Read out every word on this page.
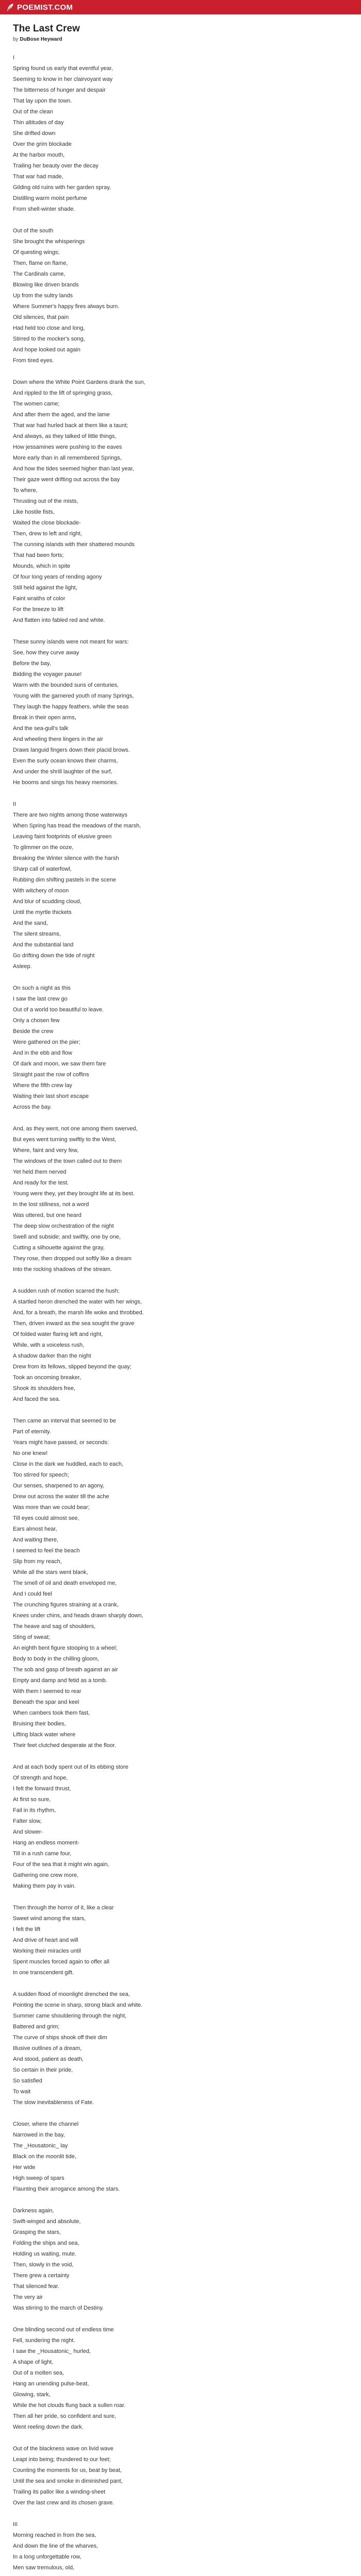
POEMIST.COM
The Last Crew
by DuBose Heyward
I
Spring found us early that eventful year,
Seeming to know in her clairvoyant way
The bitterness of hunger and despair
That lay upon the town.
Out of the clean
Thin altitudes of day
She drifted down
Over the grim blockade
At the harbor mouth,
Trailing her beauty over the decay
That war had made,
Gilding old ruins with her garden spray,
Distilling warm moist perfume
From shell-winter shade.
Out of the south
She brought the whisperings
Of questing wings;
Then, flame on flame,
The Cardinals came,
Blowing like driven brands
Up from the sultry lands
Where Summer's happy fires always burn.
Old silences, that pain
Had held too close and long,
Stirred to the mocker's song,
And hope looked out again
From tired eyes.
Down where the White Point Gardens drank the sun,
And rippled to the lift of springing grass,
The women came;
And after them the aged, and the lame
That war had hurled back at them like a taunt;
And always, as they talked of little things,
How jessamines were pushing to the eaves
More early than in all remembered Springs,
And how the tides seemed higher than last year,
Their gaze went drifting out across the bay
To where,
Thrusting out of the mists,
Like hostile fists,
Waited the close blockade-
Then, drew to left and right,
The cunning islands with their shattered mounds
That had been forts;
Mounds, which in spite
Of four long years of rending agony
Still held against the light,
Faint wraiths of color
For the breeze to lift
And flatten into fabled red and white.
These sunny islands were not meant for wars:
See, how they curve away
Before the bay,
Bidding the voyager pause!
Warm with the bounded suns of centuries,
Young with the garnered youth of many Springs,
They laugh the happy feathers, while the seas
Break in their open arms,
And the sea-gull's talk
And wheeling there lingers in the air
Draws languid fingers down their placid brows.
Even the surly ocean knows their charms,
And under the shrill laughter of the surf,
He booms and sings his heavy memories.
II
There are two nights among those waterways
When Spring has tread the meadows of the marsh,
Leaving faint footprints of elusive green
To glimmer on the ooze,
Breaking the Winter silence with the harsh
Sharp call of waterfowl,
Rubbing dim shifting pastels in the scene
With witchery of moon
And blur of scudding cloud,
Until the myrtle thickets
And the sand,
The silent streams,
And the substantial land
Go drifting down the tide of night
Asleep.
On such a night as this
I saw the last crew go
Out of a world too beautiful to leave.
Only a chosen few
Beside the crew
Were gathered on the pier;
And in the ebb and flow
Of dark and moon, we saw them fare
Straight past the row of coffins
Where the fifth crew lay
Waiting their last short escape
Across the bay.
And, as they went, not one among them swerved,
But eyes went turning swiftly to the West,
Where, faint and very few,
The windows of the town called out to them
Yet held them nerved
And ready for the test.
Young were they, yet they brought life at its best.
In the lost stillness, not a word
Was uttered, but one heard
The deep slow orchestration of the night
Swell and subside; and swiftly, one by one,
Cutting a silhouette against the gray,
They rose, then dropped out softly like a dream
Into the rocking shadows of the stream.
A sudden rush of motion scarred the hush;
A startled heron drenched the water with her wings,
And, for a breath, the marsh life woke and throbbed.
Then, driven inward as the sea sought the grave
Of folded water flaring left and right,
While, with a voiceless rush,
A shadow darker than the night
Drew from its fellows, slipped beyond the quay;
Took an oncoming breaker,
Shook its shoulders free,
And faced the sea.
Then came an interval that seemed to be
Part of eternity.
Years might have passed, or seconds:
No one knew!
Close in the dark we huddled, each to each,
Too stirred for speech;
Our senses, sharpened to an agony,
Drew out across the water till the ache
Was more than we could bear;
Till eyes could almost see,
Ears almost hear,
And waiting there,
I seemed to feel the beach
Slip from my reach,
While all the stars went blank,
The smell of oil and death enveloped me,
And I could feel
The crunching figures straining at a crank,
Knees under chins, and heads drawn sharply down,
The heave and sag of shoulders,
Sting of sweat;
An eighth bent figure stooping to a wheel;
Body to body in the chilling gloom,
The sob and gasp of breath against an air
Empty and damp and fetid as a tomb.
With them I seemed to rear
Beneath the spar and keel
When cambers took them fast,
Bruising their bodies,
Lifting black water where
Their feet clutched desperate at the floor.
And at each body spent out of its ebbing store
Of strength and hope,
I felt the forward thrust,
At first so sure,
Fail in its rhythm,
Falter slow,
And slower-
Hang an endless moment-
Till in a rush came four,
Four of the sea that it might win again,
Gathering one crew more,
Making them pay in vain.
Then through the horror of it, like a clear
Sweet wind among the stars,
I felt the lift
And drive of heart and will
Working their miracles until
Spent muscles forced again to offer all
In one transcendent gift.
A sudden flood of moonlight drenched the sea,
Pointing the scene in sharp, strong black and white.
Summer came shouldering through the night,
Battered and grim;
The curve of ships shook off their dim
Illusive outlines of a dream,
And stood, patient as death,
So certain in their pride,
So satisfied
To wait
The slow inevitableness of Fate.
Closer, where the channel
Narrowed in the bay,
The _Housatonic_ lay
Black on the moonlit tide,
Her wide
High sweep of spars
Flaunting their arrogance among the stars.
Darkness again,
Swift-winged and absolute,
Grasping the stars,
Folding the ships and sea,
Holding us waiting, mute.
Then, slowly in the void,
There grew a certainty
That silenced fear.
The very air
Was stirring to the march of Destiny.
One blinding second out of endless time
Fell, sundering the night.
I saw the _Housatonic_ hurled,
A shape of light,
Out of a molten sea,
Hang an unending pulse-beat,
Glowing, stark,
While the hot clouds flung back a sullen roar.
Then all her pride, so confident and sure,
Went reeling down the dark.
Out of the blackness wave on livid wave
Leapt into being; thundered to our feet;
Counting the moments for us, beat by beat,
Until the sea and smoke in diminished pant,
Trailing its pallor like a winding-sheet
Over the last crew and its chosen grave.
III
Morning reached in from the sea,
And down the line of the wharves,
In a long unforgettable row,
Men saw tremulous, old,
